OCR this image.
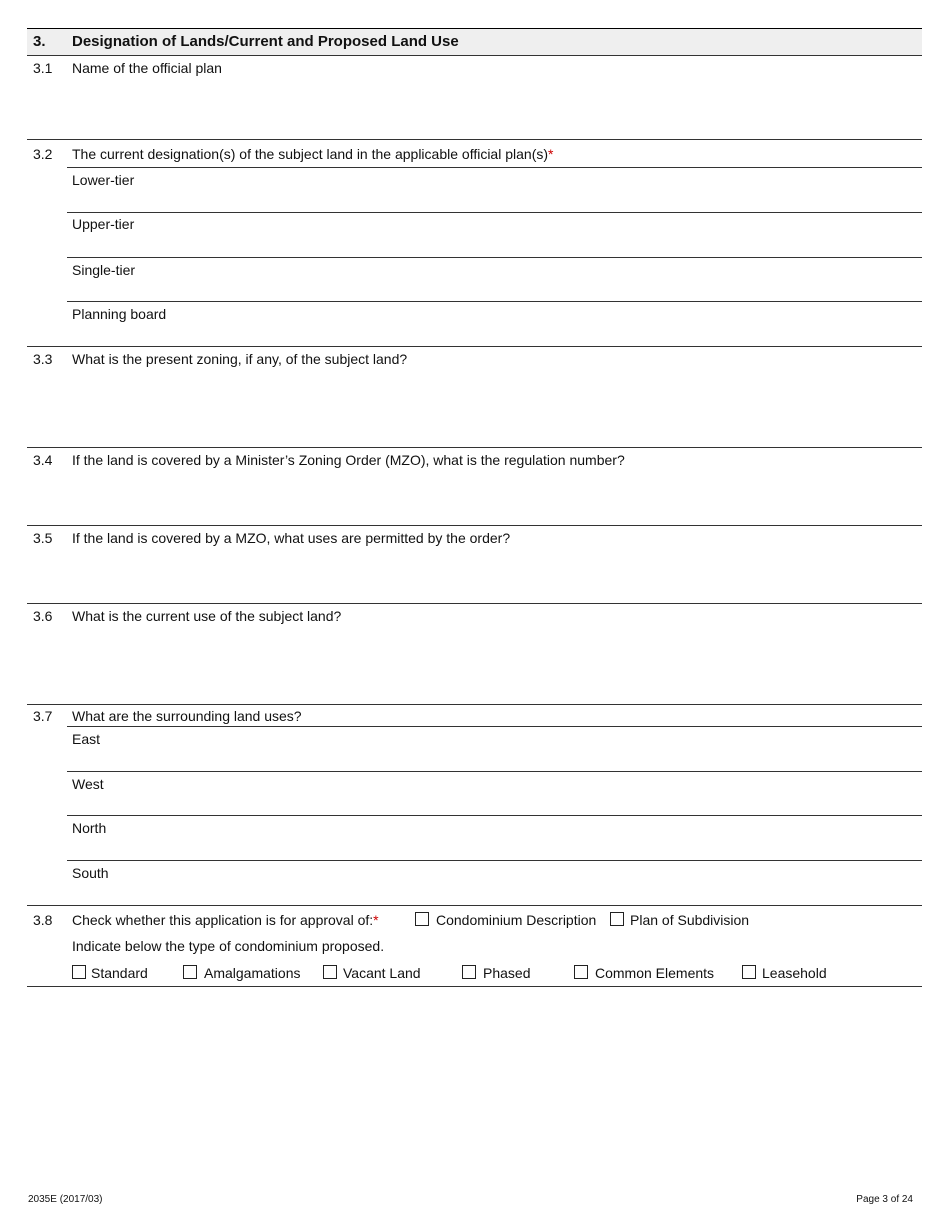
3. Designation of Lands/Current and Proposed Land Use
3.1 Name of the official plan
3.2 The current designation(s) of the subject land in the applicable official plan(s)*
Lower-tier
Upper-tier
Single-tier
Planning board
3.3 What is the present zoning, if any, of the subject land?
3.4 If the land is covered by a Minister’s Zoning Order (MZO), what is the regulation number?
3.5 If the land is covered by a MZO, what uses are permitted by the order?
3.6 What is the current use of the subject land?
3.7 What are the surrounding land uses?
East
West
North
South
3.8 Check whether this application is for approval of:*	Condominium Description Plan of Subdivision
Indicate below the type of condominium proposed.
Standard	Amalgamations	Vacant Land	Phased	Common Elements	Leasehold
2035E (2017/03)	Page 3 of 24
